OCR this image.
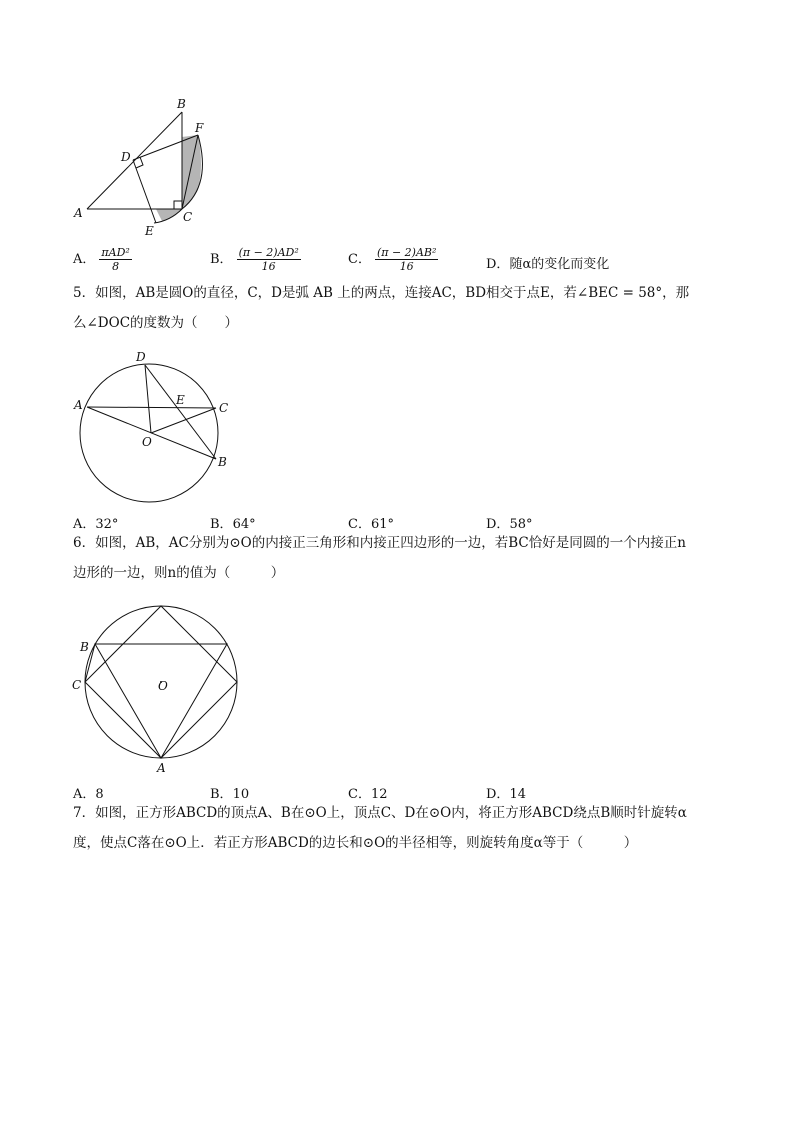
B
F
D
A
E
C
A． $\frac{\text{πAD²}}{8}$	B． $\frac{\text{(π − 2)AD²}}{16}$	C． $\frac{\text{(π − 2)AB²}}{16}$	D．随α的变化而变化
5．如图，AB是圆O的直径，C，D是弧 AB 上的两点，连接AC，BD相交于点E，若∠BEC = 58°，那
么∠DOC的度数为（　　）
D
A	E
C
O
B
A．32°	B．64°	C．61°	D．58°
6．如图，AB，AC分别为⊙O的内接正三角形和内接正四边形的一边，若BC恰好是同圆的一个内接正n
边形的一边，则n的值为（　　　）
B
C	O
A
A．8	B．10	C．12	D．14
7．如图，正方形ABCD的顶点A、B在⊙O上，顶点C、D在⊙O内，将正方形ABCD绕点B顺时针旋转α
度，使点C落在⊙O上．若正方形ABCD的边长和⊙O的半径相等，则旋转角度α等于（　　　）
